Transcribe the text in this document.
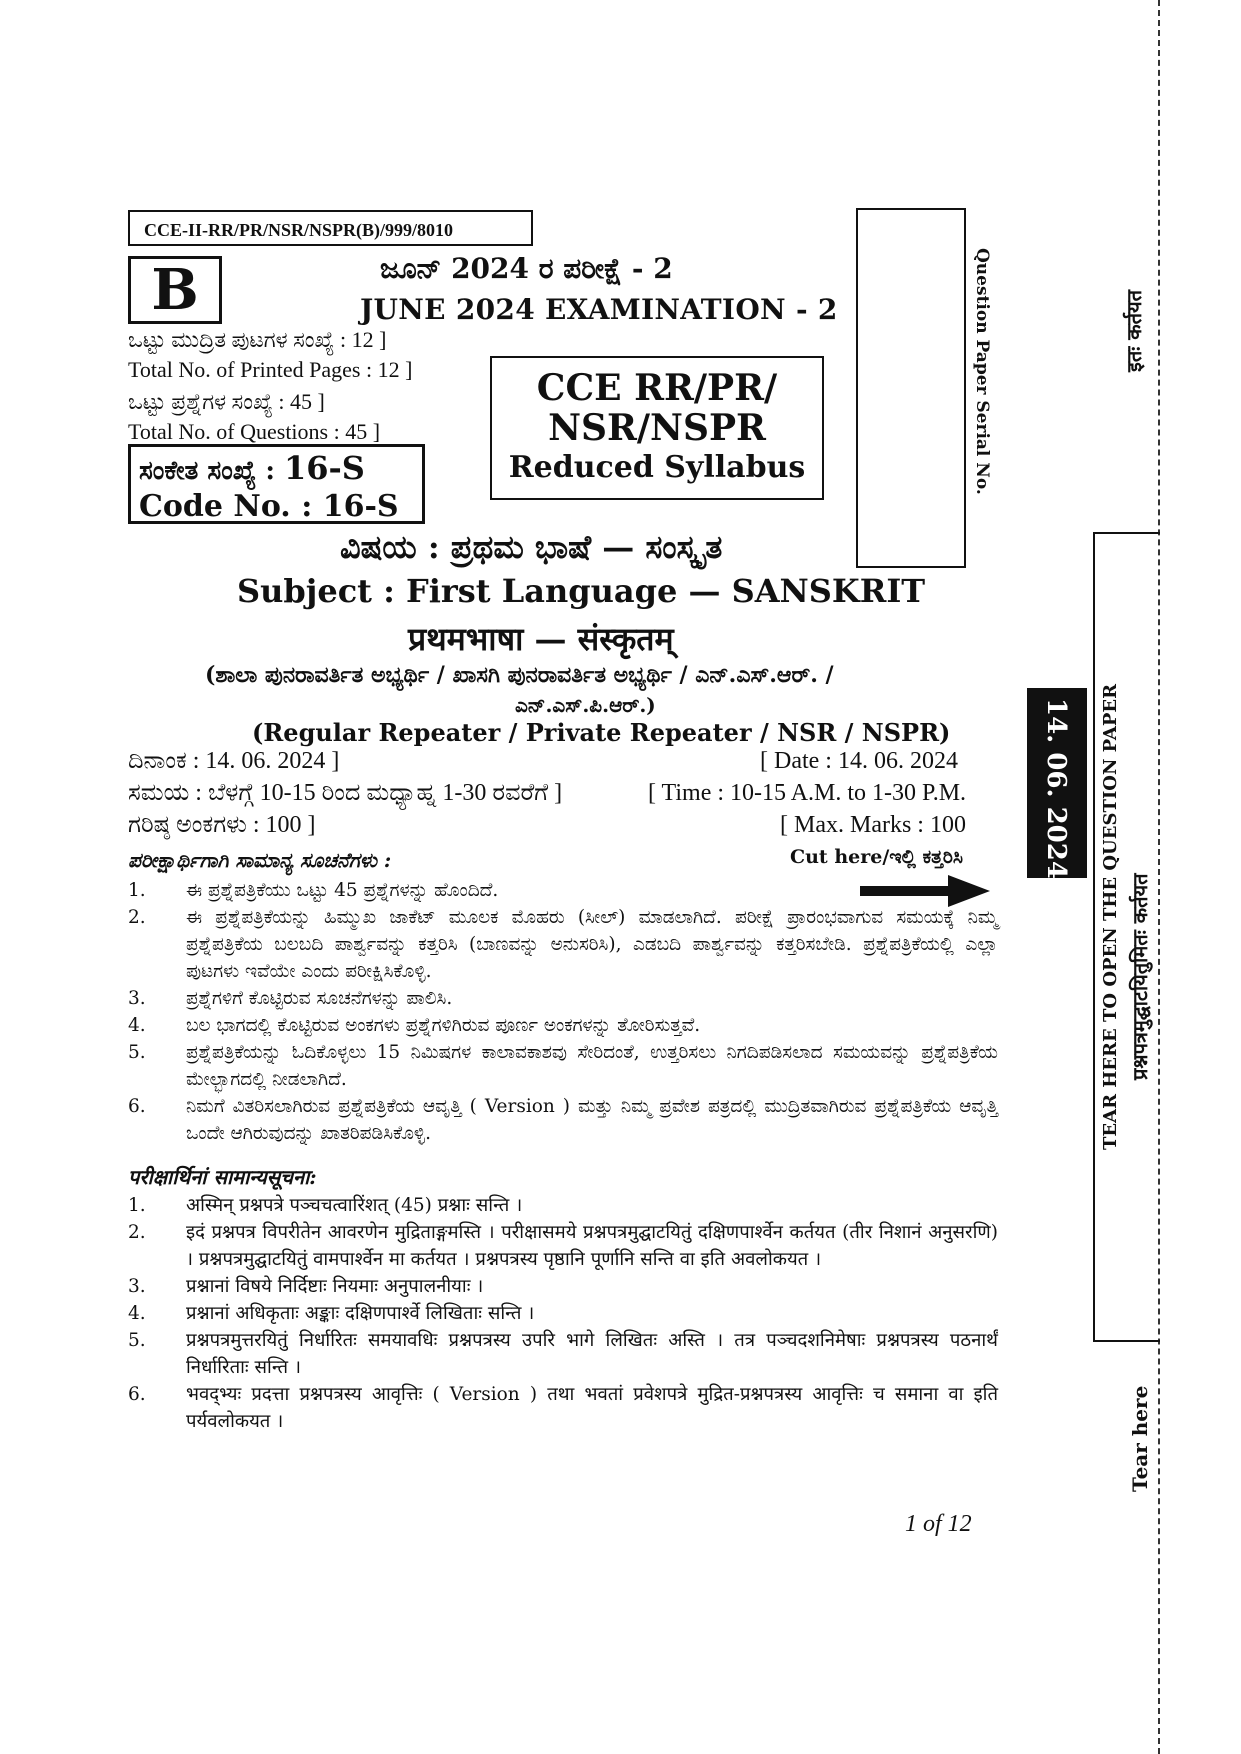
CCE-II-RR/PR/NSR/NSPR(B)/999/8010
B	ಜೂನ್ 2024 ರ ಪರೀಕ್ಷೆ - 2
JUNE 2024 EXAMINATION - 2
ಒಟ್ಟು ಮುದ್ರಿತ ಪುಟಗಳ ಸಂಖ್ಯೆ : 12 ]
Total No. of Printed Pages : 12 ]
ಒಟ್ಟು ಪ್ರಶ್ನೆಗಳ ಸಂಖ್ಯೆ : 45 ]
Total No. of Questions : 45 ]
ಸಂಕೇತ ಸಂಖ್ಯೆ : 16-S
Code No. : 16-S
CCE RR/PR/
NSR/NSPR
Reduced Syllabus	Question Paper Serial No.
ವಿಷಯ : ಪ್ರಥಮ ಭಾಷೆ — ಸಂಸ್ಕೃತ
Subject : First Language — SANSKRIT
प्रथमभाषा — संस्कृतम्
(ಶಾಲಾ ಪುನರಾವರ್ತಿತ ಅಭ್ಯರ್ಥಿ / ಖಾಸಗಿ ಪುನರಾವರ್ತಿತ ಅಭ್ಯರ್ಥಿ / ಎನ್.ಎಸ್.ಆರ್. /
ಎನ್.ಎಸ್.ಪಿ.ಆರ್.)
(Regular Repeater / Private Repeater / NSR / NSPR)
ದಿನಾಂಕ : 14. 06. 2024 ]	[ Date : 14. 06. 2024
ಸಮಯ : ಬೆಳಗ್ಗೆ 10-15 ರಿಂದ ಮಧ್ಯಾಹ್ನ 1-30 ರವರೆಗೆ ]	[ Time : 10-15 A.M. to 1-30 P.M.
ಗರಿಷ್ಠ ಅಂಕಗಳು : 100 ]	[ Max. Marks : 100
Cut here/ಇಲ್ಲಿ ಕತ್ತರಿಸಿ
ಪರೀಕ್ಷಾರ್ಥಿಗಾಗಿ ಸಾಮಾನ್ಯ ಸೂಚನೆಗಳು :
1.	ಈ ಪ್ರಶ್ನೆಪತ್ರಿಕೆಯು ಒಟ್ಟು 45 ಪ್ರಶ್ನೆಗಳನ್ನು ಹೊಂದಿದೆ.
2.	ಈ ಪ್ರಶ್ನೆಪತ್ರಿಕೆಯನ್ನು ಹಿಮ್ಮುಖ ಜಾಕೆಟ್ ಮೂಲಕ ಮೊಹರು (ಸೀಲ್) ಮಾಡಲಾಗಿದೆ. ಪರೀಕ್ಷೆ ಪ್ರಾರಂಭವಾಗುವ ಸಮಯಕ್ಕೆ ನಿಮ್ಮ ಪ್ರಶ್ನೆಪತ್ರಿಕೆಯ ಬಲಬದಿ ಪಾರ್ಶ್ವವನ್ನು ಕತ್ತರಿಸಿ (ಬಾಣವನ್ನು ಅನುಸರಿಸಿ), ಎಡಬದಿ ಪಾರ್ಶ್ವವನ್ನು ಕತ್ತರಿಸಬೇಡಿ. ಪ್ರಶ್ನೆಪತ್ರಿಕೆಯಲ್ಲಿ ಎಲ್ಲಾ ಪುಟಗಳು ಇವೆಯೇ ಎಂದು ಪರೀಕ್ಷಿಸಿಕೊಳ್ಳಿ.
3.	ಪ್ರಶ್ನೆಗಳಿಗೆ ಕೊಟ್ಟಿರುವ ಸೂಚನೆಗಳನ್ನು ಪಾಲಿಸಿ.
4.	ಬಲ ಭಾಗದಲ್ಲಿ ಕೊಟ್ಟಿರುವ ಅಂಕಗಳು ಪ್ರಶ್ನೆಗಳಿಗಿರುವ ಪೂರ್ಣ ಅಂಕಗಳನ್ನು ತೋರಿಸುತ್ತವೆ.
5.	ಪ್ರಶ್ನೆಪತ್ರಿಕೆಯನ್ನು ಓದಿಕೊಳ್ಳಲು 15 ನಿಮಿಷಗಳ ಕಾಲಾವಕಾಶವು ಸೇರಿದಂತೆ, ಉತ್ತರಿಸಲು ನಿಗದಿಪಡಿಸಲಾದ ಸಮಯವನ್ನು ಪ್ರಶ್ನೆಪತ್ರಿಕೆಯ ಮೇಲ್ಭಾಗದಲ್ಲಿ ನೀಡಲಾಗಿದೆ.
6.	ನಿಮಗೆ ವಿತರಿಸಲಾಗಿರುವ ಪ್ರಶ್ನೆಪತ್ರಿಕೆಯ ಆವೃತ್ತಿ ( Version ) ಮತ್ತು ನಿಮ್ಮ ಪ್ರವೇಶ ಪತ್ರದಲ್ಲಿ ಮುದ್ರಿತವಾಗಿರುವ ಪ್ರಶ್ನೆಪತ್ರಿಕೆಯ ಆವೃತ್ತಿ ಒಂದೇ ಆಗಿರುವುದನ್ನು ಖಾತರಿಪಡಿಸಿಕೊಳ್ಳಿ.
परीक्षार्थिनां सामान्यसूचना:
1.	अस्मिन् प्रश्नपत्रे पञ्चचत्वारिंशत् (45) प्रश्नाः सन्ति ।
2.	इदं प्रश्नपत्र विपरीतेन आवरणेन मुद्रिताङ्गमस्ति । परीक्षासमये प्रश्नपत्रमुद्घाटयितुं दक्षिणपार्श्वेन कर्तयत (तीर निशानं अनुसरणि) । प्रश्नपत्रमुद्घाटयितुं वामपार्श्वेन मा कर्तयत । प्रश्नपत्रस्य पृष्ठानि पूर्णानि सन्ति वा इति अवलोकयत ।
3.	प्रश्नानां विषये निर्दिष्टाः नियमाः अनुपालनीयाः ।
4.	प्रश्नानां अधिकृताः अङ्काः दक्षिणपार्श्वे लिखिताः सन्ति ।
5.	प्रश्नपत्रमुत्तरयितुं निर्धारितः समयावधिः प्रश्नपत्रस्य उपरि भागे लिखितः अस्ति । तत्र पञ्चदशनिमेषाः प्रश्नपत्रस्य पठनार्थं निर्धारिताः सन्ति ।
6.	भवद्भ्यः प्रदत्ता प्रश्नपत्रस्य आवृत्तिः ( Version ) तथा भवतां प्रवेशपत्रे मुद्रित-प्रश्नपत्रस्य आवृत्तिः च समाना वा इति पर्यवलोकयत ।
1 of 12
14. 06. 2024
इतः कर्तयत
TEAR HERE TO OPEN THE QUESTION PAPER प्रश्नपत्रमुद्घाटयितुमितः कर्तयत
Tear here
